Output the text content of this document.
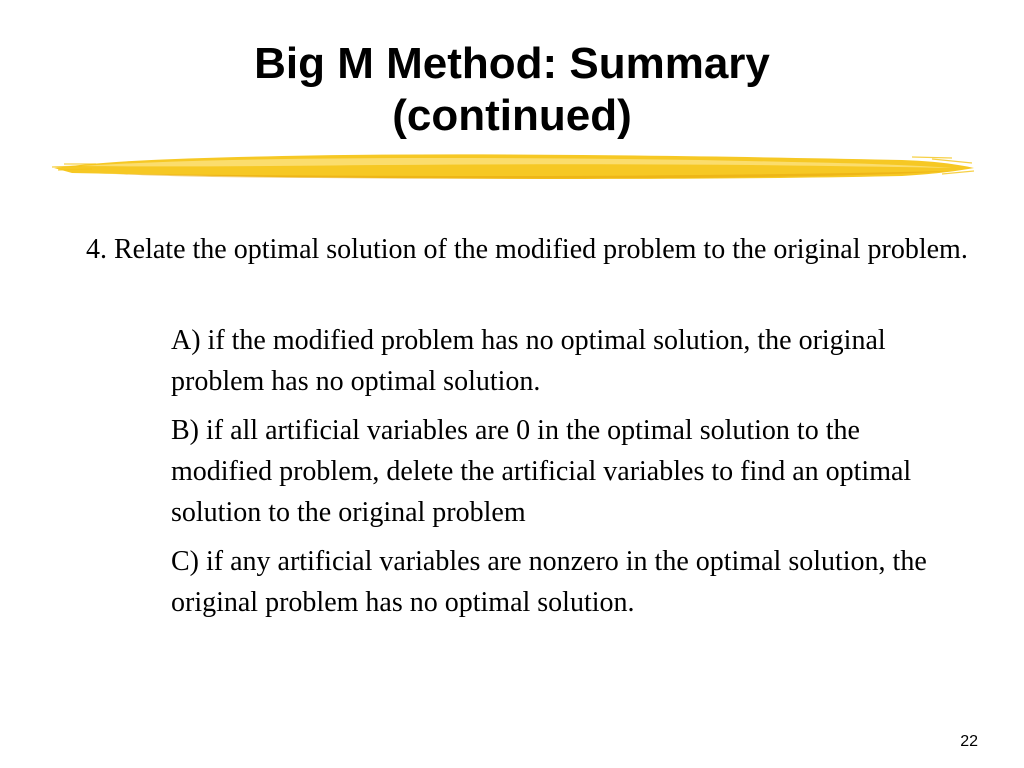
Big M Method: Summary
(continued)
4. Relate the optimal solution of the modified problem to the original problem.
A) if the modified problem has no optimal solution, the original problem has no optimal solution.
B) if all artificial variables are 0 in the optimal solution to the modified problem, delete the artificial variables to find an optimal solution to the original problem
C) if any artificial variables are nonzero in the optimal solution, the original problem has no optimal solution.
22
